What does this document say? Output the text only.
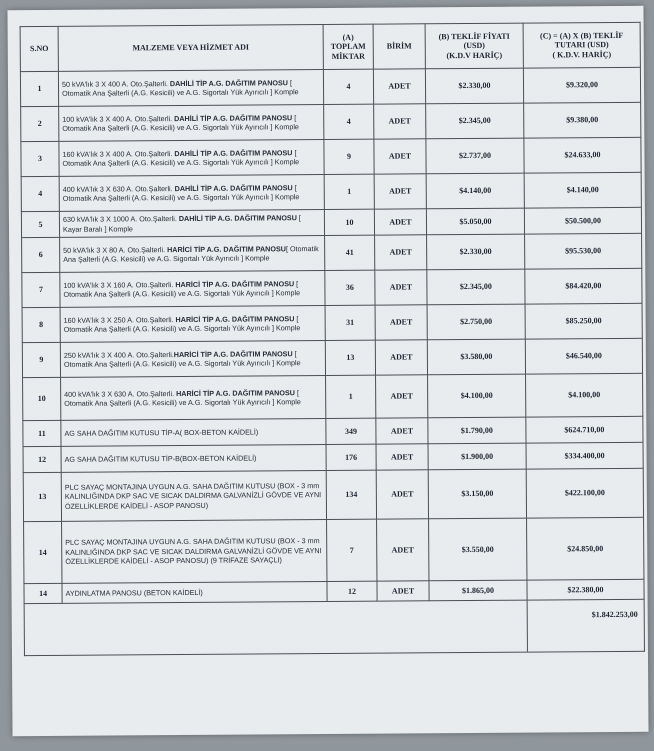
S.NO	MALZEME VEYA HİZMET ADI	(A)
TOPLAM
MİKTAR	BİRİM	(B) TEKLİF FİYATI
(USD)
(K.D.V HARİÇ)	(C) = (A) X (B) TEKLİF
TUTARI (USD)
( K.D.V. HARİÇ)
1	50 kVA'lık 3 X 400 A. Oto.Şalterli. DAHİLİ TİP A.G. DAĞITIM PANOSU [ Otomatik Ana Şalterli (A.G. Kesicili) ve A.G. Sigortalı Yük Ayırıcılı ] Komple	4	ADET	$2.330,00	$9.320,00
2	100 kVA'lık 3 X 400 A. Oto.Şalterli. DAHİLİ TİP A.G. DAĞITIM PANOSU [ Otomatik Ana Şalterli (A.G. Kesicili) ve A.G. Sigortalı Yük Ayırıcılı ] Komple	4	ADET	$2.345,00	$9.380,00
3	160 kVA'lık 3 X 400 A. Oto.Şalterli. DAHİLİ TİP A.G. DAĞITIM PANOSU [ Otomatik Ana Şalterli (A.G. Kesicili) ve A.G. Sigortalı Yük Ayırıcılı ] Komple	9	ADET	$2.737,00	$24.633,00
4	400 kVA'lık 3 X 630 A. Oto.Şalterli. DAHİLİ TİP A.G. DAĞITIM PANOSU [ Otomatik Ana Şalterli (A.G. Kesicili) ve A.G. Sigortalı Yük Ayırıcılı ] Komple	1	ADET	$4.140,00	$4.140,00
5	630 kVA'lık 3 X 1000 A. Oto.Şalterli. DAHİLİ TİP A.G. DAĞITIM PANOSU [ Kayar Baralı ] Komple	10	ADET	$5.050,00	$50.500,00
6	50 kVA'lık 3 X 80 A. Oto.Şalterli. HARİCİ TİP A.G. DAĞITIM PANOSU[ Otomatik Ana Şalterli (A.G. Kesicili) ve A.G. Sigortalı Yük Ayırıcılı ] Komple	41	ADET	$2.330,00	$95.530,00
7	100 kVA'lık 3 X 160 A. Oto.Şalterli. HARİCİ TİP A.G. DAĞITIM PANOSU [ Otomatik Ana Şalterli (A.G. Kesicili) ve A.G. Sigortalı Yük Ayırıcılı ] Komple	36	ADET	$2.345,00	$84.420,00
8	160 kVA'lık 3 X 250 A. Oto.Şalterli. HARİCİ TİP A.G. DAĞITIM PANOSU [ Otomatik Ana Şalterli (A.G. Kesicili) ve A.G. Sigortalı Yük Ayırıcılı ] Komple	31	ADET	$2.750,00	$85.250,00
9	250 kVA'lık 3 X 400 A. Oto.Şalterli.HARİCİ TİP A.G. DAĞITIM PANOSU [ Otomatik Ana Şalterli (A.G. Kesicili) ve A.G. Sigortalı Yük Ayırıcılı ] Komple	13	ADET	$3.580,00	$46.540,00
10	400 kVA'lık 3 X 630 A. Oto.Şalterli. HARİCİ TİP A.G. DAĞITIM PANOSU [ Otomatik Ana Şalterli (A.G. Kesicili) ve A.G. Sigortalı Yük Ayırıcılı ] Komple	1	ADET	$4.100,00	$4.100,00
11	AG SAHA DAĞITIM KUTUSU TİP-A( BOX-BETON KAİDELİ)	349	ADET	$1.790,00	$624.710,00
12	AG SAHA DAĞITIM KUTUSU TİP-B(BOX-BETON KAİDELİ)	176	ADET	$1.900,00	$334.400,00
13	PLC SAYAÇ MONTAJINA UYGUN A.G. SAHA DAĞITIM KUTUSU (BOX - 3 mm KALINLIĞINDA DKP SAC VE SICAK DALDIRMA GALVANİZLİ GÖVDE VE AYNI ÖZELLİKLERDE KAİDELİ - ASOP PANOSU)	134	ADET	$3.150,00	$422.100,00
14	PLC SAYAÇ MONTAJINA UYGUN A.G. SAHA DAĞITIM KUTUSU (BOX - 3 mm KALINLIĞINDA DKP SAC VE SICAK DALDIRMA GALVANİZLİ GÖVDE VE AYNI ÖZELLİKLERDE KAİDELİ - ASOP PANOSU) (9 TRİFAZE SAYAÇLI)	7	ADET	$3.550,00	$24.850,00
14	AYDINLATMA PANOSU (BETON KAİDELİ)	12	ADET	$1.865,00	$22.380,00
					$1.842.253,00
